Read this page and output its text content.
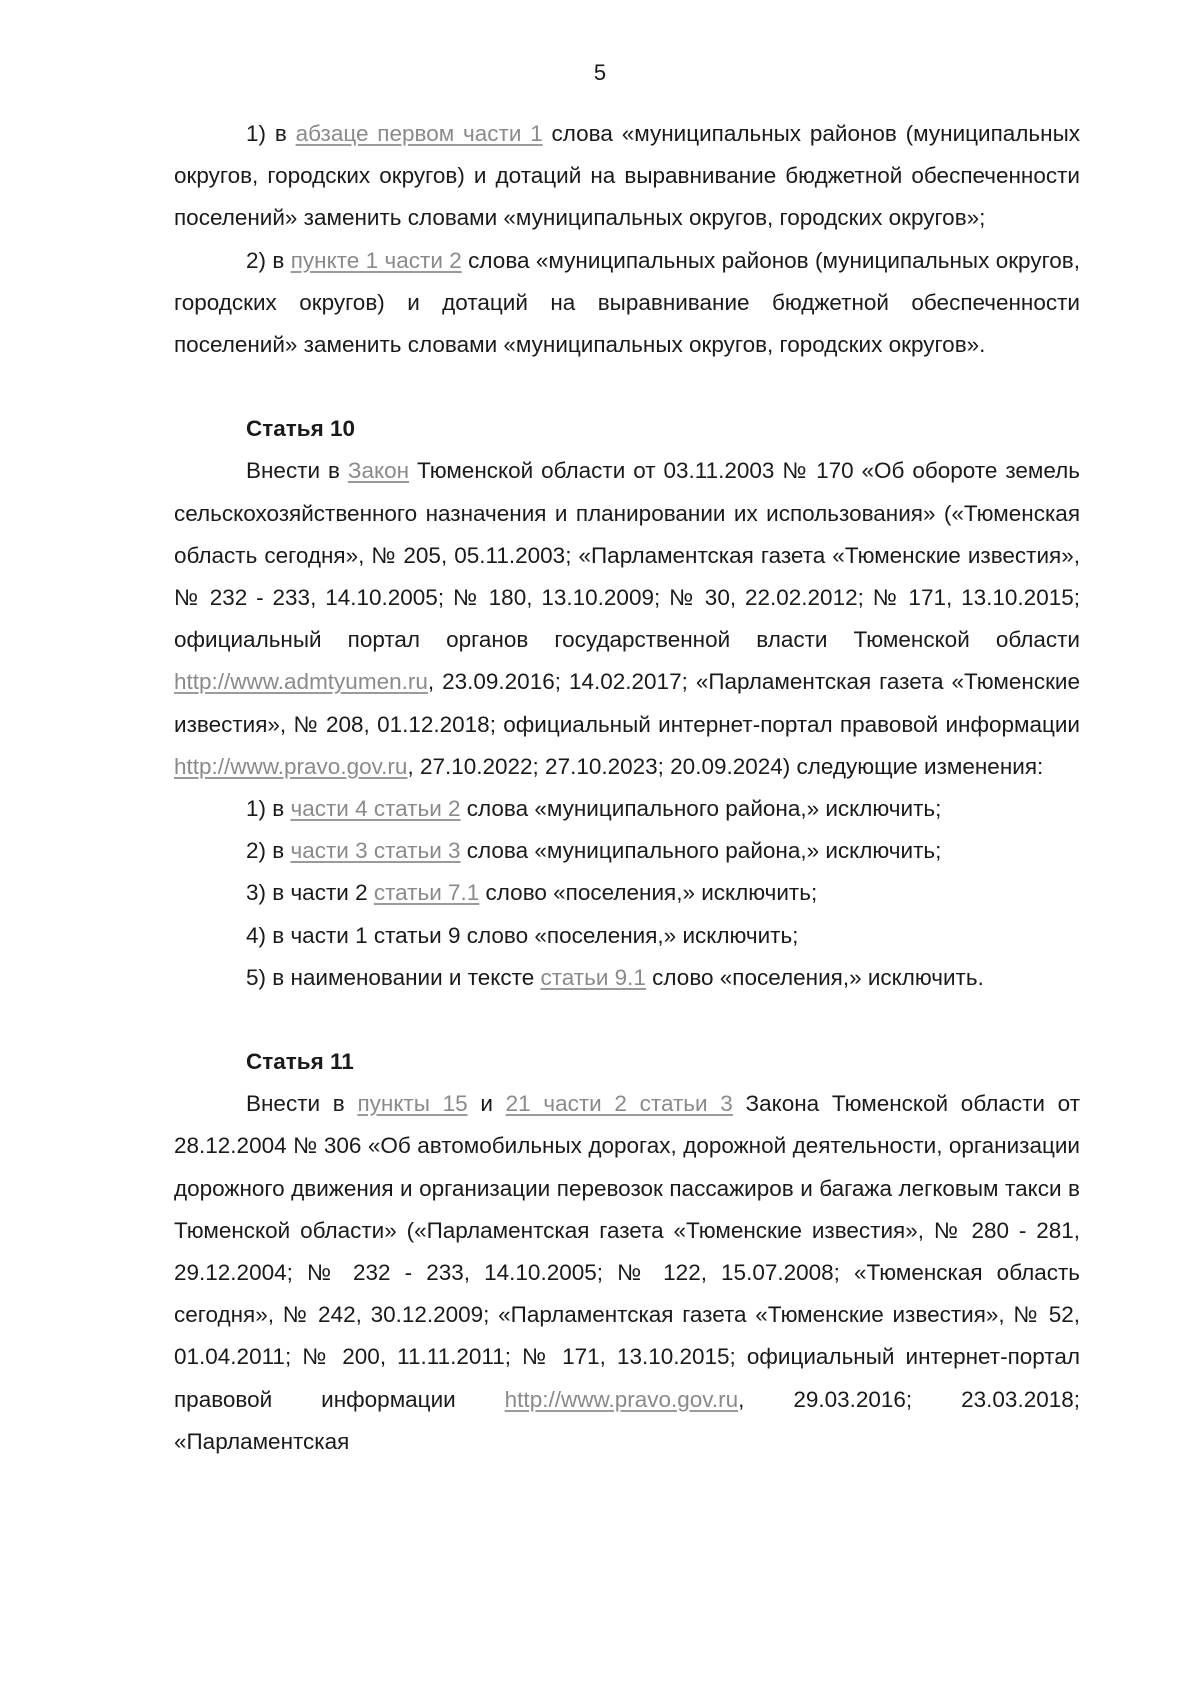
5

1) в абзаце первом части 1 слова «муниципальных районов (муниципальных округов, городских округов) и дотаций на выравнивание бюджетной обеспеченности поселений» заменить словами «муниципальных округов, городских округов»;

2) в пункте 1 части 2 слова «муниципальных районов (муниципальных округов, городских округов) и дотаций на выравнивание бюджетной обеспеченности поселений» заменить словами «муниципальных округов, городских округов».

Статья 10

Внести в Закон Тюменской области от 03.11.2003 № 170 «Об обороте земель сельскохозяйственного назначения и планировании их использования» («Тюменская область сегодня», № 205, 05.11.2003; «Парламентская газета «Тюменские известия», № 232 - 233, 14.10.2005; № 180, 13.10.2009; № 30, 22.02.2012; № 171, 13.10.2015; официальный портал органов государственной власти Тюменской области http://www.admtyumen.ru, 23.09.2016; 14.02.2017; «Парламентская газета «Тюменские известия», № 208, 01.12.2018; официальный интернет-портал правовой информации http://www.pravo.gov.ru, 27.10.2022; 27.10.2023; 20.09.2024) следующие изменения:

1) в части 4 статьи 2 слова «муниципального района,» исключить;

2) в части 3 статьи 3 слова «муниципального района,» исключить;

3) в части 2 статьи 7.1 слово «поселения,» исключить;

4) в части 1 статьи 9 слово «поселения,» исключить;

5) в наименовании и тексте статьи 9.1 слово «поселения,» исключить.

Статья 11

Внести в пункты 15 и 21 части 2 статьи 3 Закона Тюменской области от 28.12.2004 № 306 «Об автомобильных дорогах, дорожной деятельности, организации дорожного движения и организации перевозок пассажиров и багажа легковым такси в Тюменской области» («Парламентская газета «Тюменские известия», № 280 - 281, 29.12.2004; № 232 - 233, 14.10.2005; № 122, 15.07.2008; «Тюменская область сегодня», № 242, 30.12.2009; «Парламентская газета «Тюменские известия», № 52, 01.04.2011; № 200, 11.11.2011; № 171, 13.10.2015; официальный интернет-портал правовой информации http://www.pravo.gov.ru, 29.03.2016; 23.03.2018; «Парламентская
